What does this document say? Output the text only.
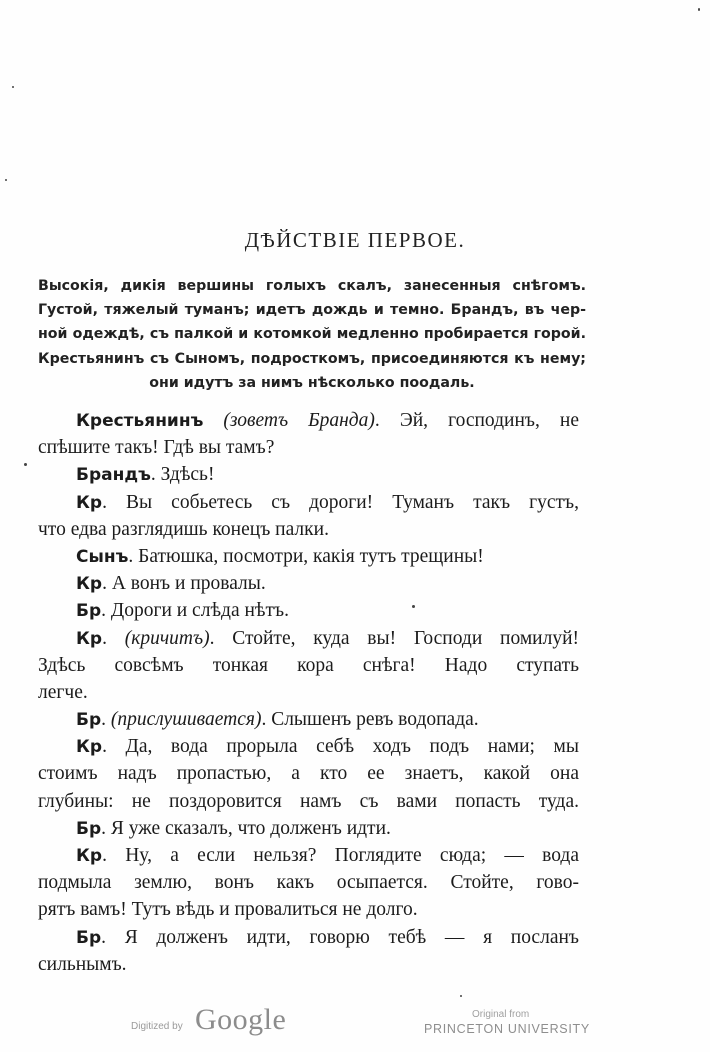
ДѢЙСТВІЕ ПЕРВОЕ.
Высокія, дикія вершины голыхъ скалъ, занесенныя снѣгомъ.
Густой, тяжелый туманъ; идетъ дождь и темно. Брандъ, въ чер-
ной одеждѣ, съ палкой и котомкой медленно пробирается горой.
Крестьянинъ съ Сыномъ, подросткомъ, присоединяются къ нему;
они идутъ за нимъ нѣсколько поодаль.
Крестьянинъ (зоветъ Бранда). Эй, господинъ, не
спѣшите такъ! Гдѣ вы тамъ?
Брандъ. Здѣсь!
Кр. Вы собьетесь съ дороги! Туманъ такъ густъ,
что едва разглядишь конецъ палки.
Сынъ. Батюшка, посмотри, какія тутъ трещины!
Кр. А вонъ и провалы.
Бр. Дороги и слѣда нѣтъ.
Кр. (кричитъ). Стойте, куда вы! Господи помилуй!
Здѣсь совсѣмъ тонкая кора снѣга! Надо ступать
легче.
Бр. (прислушивается). Слышенъ ревъ водопада.
Кр. Да, вода прорыла себѣ ходъ подъ нами; мы
стоимъ надъ пропастью, а кто ее знаетъ, какой она
глубины: не поздоровится намъ съ вами попасть туда.
Бр. Я уже сказалъ, что долженъ идти.
Кр. Ну, а если нельзя? Поглядите сюда; — вода
подмыла землю, вонъ какъ осыпается. Стойте, гово-
рятъ вамъ! Тутъ вѣдь и провалиться не долго.
Бр. Я долженъ идти, говорю тебѣ — я посланъ
сильнымъ.
Digitized by Google	Original from
PRINCETON UNIVERSITY
